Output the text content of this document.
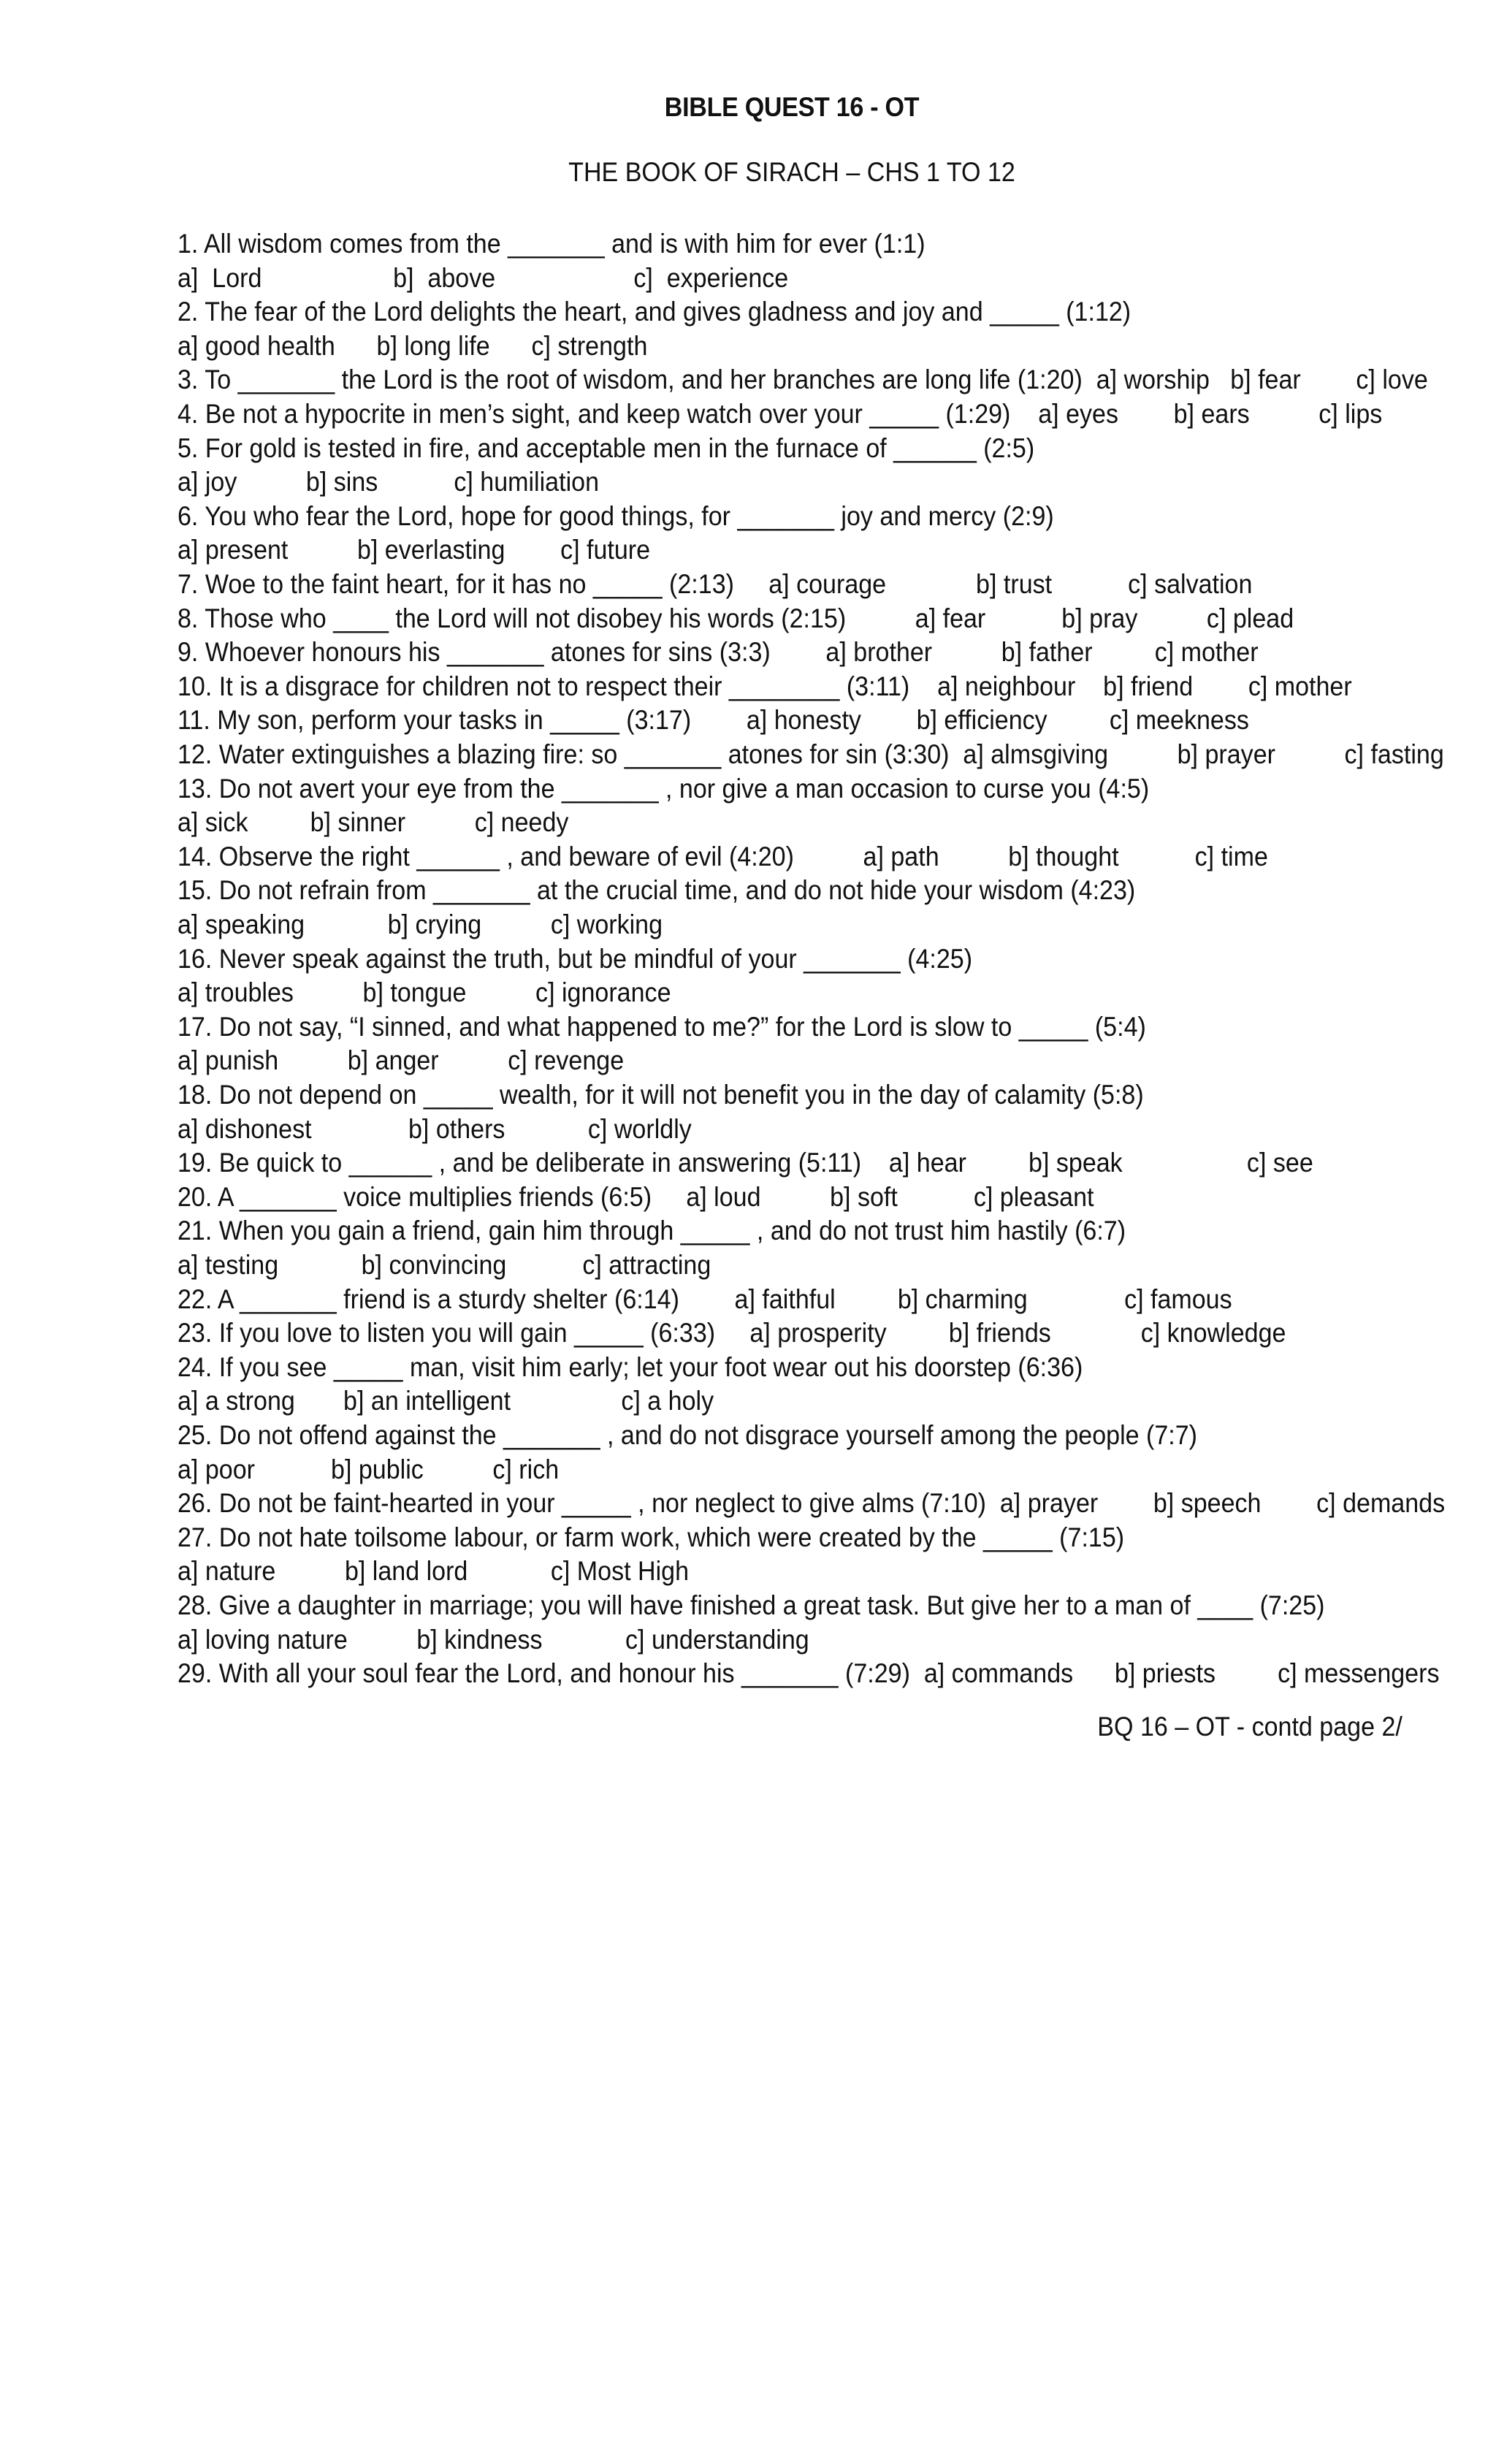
BIBLE QUEST 16 - OT
THE BOOK OF SIRACH – CHS 1 TO 12
1. All wisdom comes from the _______ and is with him for ever (1:1)
a]  Lord                   b]  above                    c]  experience
2. The fear of the Lord delights the heart, and gives gladness and joy and _____ (1:12)
a] good health      b] long life      c] strength
3. To _______ the Lord is the root of wisdom, and her branches are long life (1:20)  a] worship   b] fear        c] love
4. Be not a hypocrite in men’s sight, and keep watch over your _____ (1:29)    a] eyes        b] ears          c] lips
5. For gold is tested in fire, and acceptable men in the furnace of ______ (2:5)
a] joy          b] sins           c] humiliation
6. You who fear the Lord, hope for good things, for _______ joy and mercy (2:9)
a] present          b] everlasting        c] future
7. Woe to the faint heart, for it has no _____ (2:13)     a] courage             b] trust           c] salvation
8. Those who ____ the Lord will not disobey his words (2:15)          a] fear           b] pray          c] plead
9. Whoever honours his _______ atones for sins (3:3)        a] brother          b] father         c] mother
10. It is a disgrace for children not to respect their ________ (3:11)    a] neighbour    b] friend        c] mother
11. My son, perform your tasks in _____ (3:17)        a] honesty        b] efficiency         c] meekness
12. Water extinguishes a blazing fire: so _______ atones for sin (3:30)  a] almsgiving          b] prayer          c] fasting
13. Do not avert your eye from the _______ , nor give a man occasion to curse you (4:5)
a] sick         b] sinner          c] needy
14. Observe the right ______ , and beware of evil (4:20)          a] path          b] thought           c] time
15. Do not refrain from _______ at the crucial time, and do not hide your wisdom (4:23)
a] speaking            b] crying          c] working
16. Never speak against the truth, but be mindful of your _______ (4:25)
a] troubles          b] tongue          c] ignorance
17. Do not say, “I sinned, and what happened to me?” for the Lord is slow to _____ (5:4)
a] punish          b] anger          c] revenge
18. Do not depend on _____ wealth, for it will not benefit you in the day of calamity (5:8)
a] dishonest              b] others            c] worldly
19. Be quick to ______ , and be deliberate in answering (5:11)    a] hear         b] speak                  c] see
20. A _______ voice multiplies friends (6:5)     a] loud          b] soft           c] pleasant
21. When you gain a friend, gain him through _____ , and do not trust him hastily (6:7)
a] testing            b] convincing           c] attracting
22. A _______ friend is a sturdy shelter (6:14)        a] faithful         b] charming              c] famous
23. If you love to listen you will gain _____ (6:33)     a] prosperity         b] friends             c] knowledge
24. If you see _____ man, visit him early; let your foot wear out his doorstep (6:36)
a] a strong       b] an intelligent                c] a holy
25. Do not offend against the _______ , and do not disgrace yourself among the people (7:7)
a] poor           b] public          c] rich
26. Do not be faint-hearted in your _____ , nor neglect to give alms (7:10)  a] prayer        b] speech        c] demands
27. Do not hate toilsome labour, or farm work, which were created by the _____ (7:15)
a] nature          b] land lord            c] Most High
28. Give a daughter in marriage; you will have finished a great task. But give her to a man of ____ (7:25)
a] loving nature          b] kindness            c] understanding
29. With all your soul fear the Lord, and honour his _______ (7:29)  a] commands      b] priests         c] messengers
BQ 16 – OT - contd page 2/
